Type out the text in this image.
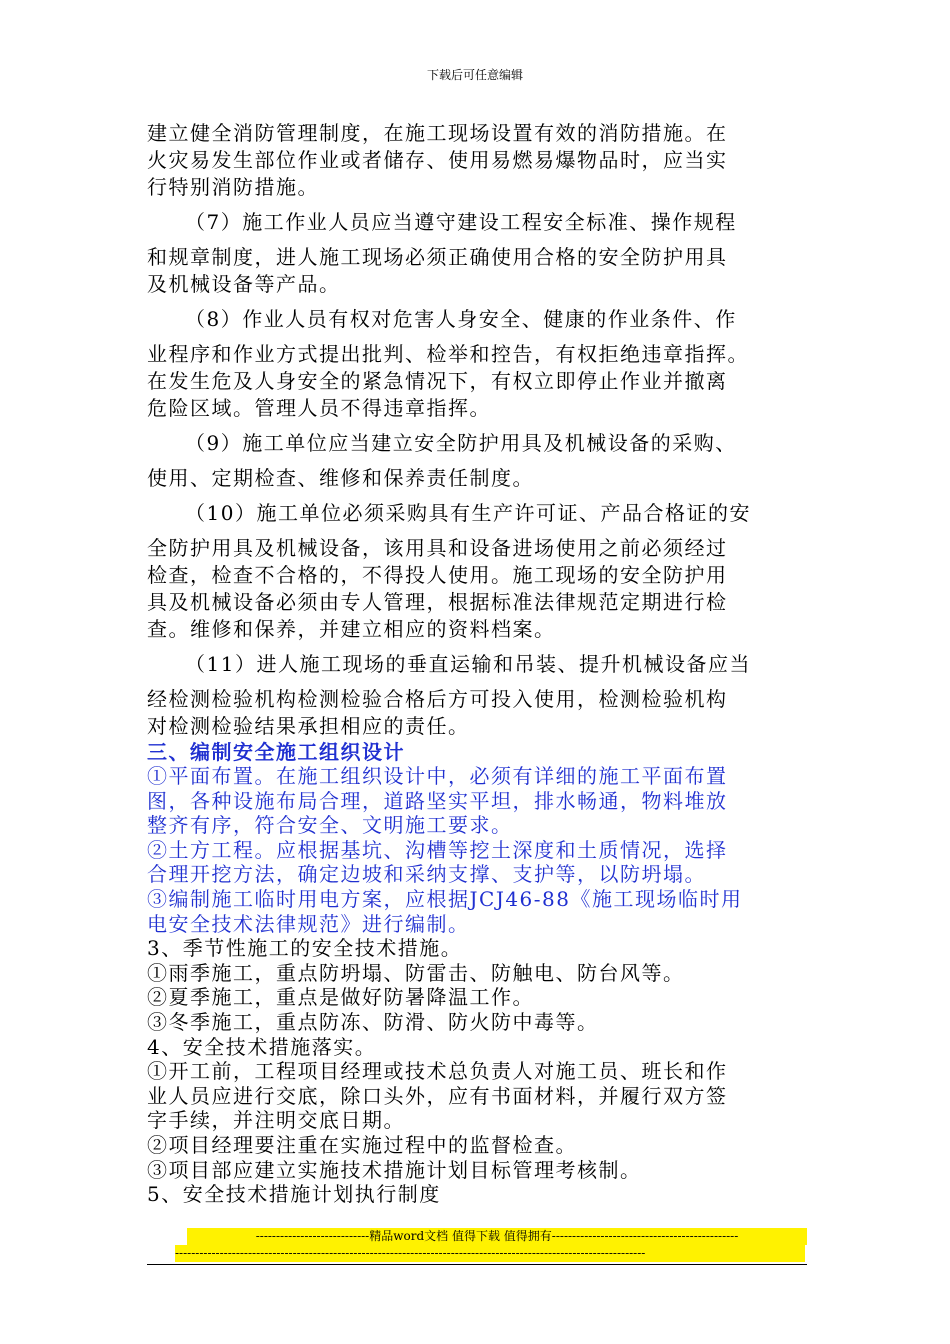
下载后可任意编辑

建立健全消防管理制度，在施工现场设置有效的消防措施。在

火灾易发生部位作业或者储存、使用易燃易爆物品时，应当实

行特别消防措施。

（7）施工作业人员应当遵守建设工程安全标准、操作规程

和规章制度，进人施工现场必须正确使用合格的安全防护用具

及机械设备等产品。

（8）作业人员有权对危害人身安全、健康的作业条件、作

业程序和作业方式提出批判、检举和控告，有权拒绝违章指挥。

在发生危及人身安全的紧急情况下，有权立即停止作业并撤离

危险区域。管理人员不得违章指挥。

（9）施工单位应当建立安全防护用具及机械设备的采购、

使用、定期检查、维修和保养责任制度。

（10）施工单位必须采购具有生产许可证、产品合格证的安

全防护用具及机械设备，该用具和设备进场使用之前必须经过

检查，检查不合格的，不得投人使用。施工现场的安全防护用

具及机械设备必须由专人管理，根据标准法律规范定期进行检

查。维修和保养，并建立相应的资料档案。

（11）进人施工现场的垂直运输和吊装、提升机械设备应当

经检测检验机构检测检验合格后方可投入使用，检测检验机构

对检测检验结果承担相应的责任。

三、编制安全施工组织设计

①平面布置。在施工组织设计中，必须有详细的施工平面布置

图，各种设施布局合理，道路坚实平坦，排水畅通，物料堆放

整齐有序，符合安全、文明施工要求。

②土方工程。应根据基坑、沟槽等挖土深度和土质情况，选择

合理开挖方法，确定边坡和采纳支撑、支护等，以防坍塌。

③编制施工临时用电方案，应根据JCJ46-88《施工现场临时用

电安全技术法律规范》进行编制。

3、季节性施工的安全技术措施。

①雨季施工，重点防坍塌、防雷击、防触电、防台风等。

②夏季施工，重点是做好防暑降温工作。

③冬季施工，重点防冻、防滑、防火防中毒等。

4、安全技术措施落实。

①开工前，工程项目经理或技术总负责人对施工员、班长和作

业人员应进行交底，除口头外，应有书面材料，并履行双方签

字手续，并注明交底日期。

②项目经理要注重在实施过程中的监督检查。

③项目部应建立实施技术措施计划目标管理考核制。

5、安全技术措施计划执行制度

----------------------------精品word文档 值得下载 值得拥有----------------------------------------------
--------------------------------------------------------------------------------------------------------------------
